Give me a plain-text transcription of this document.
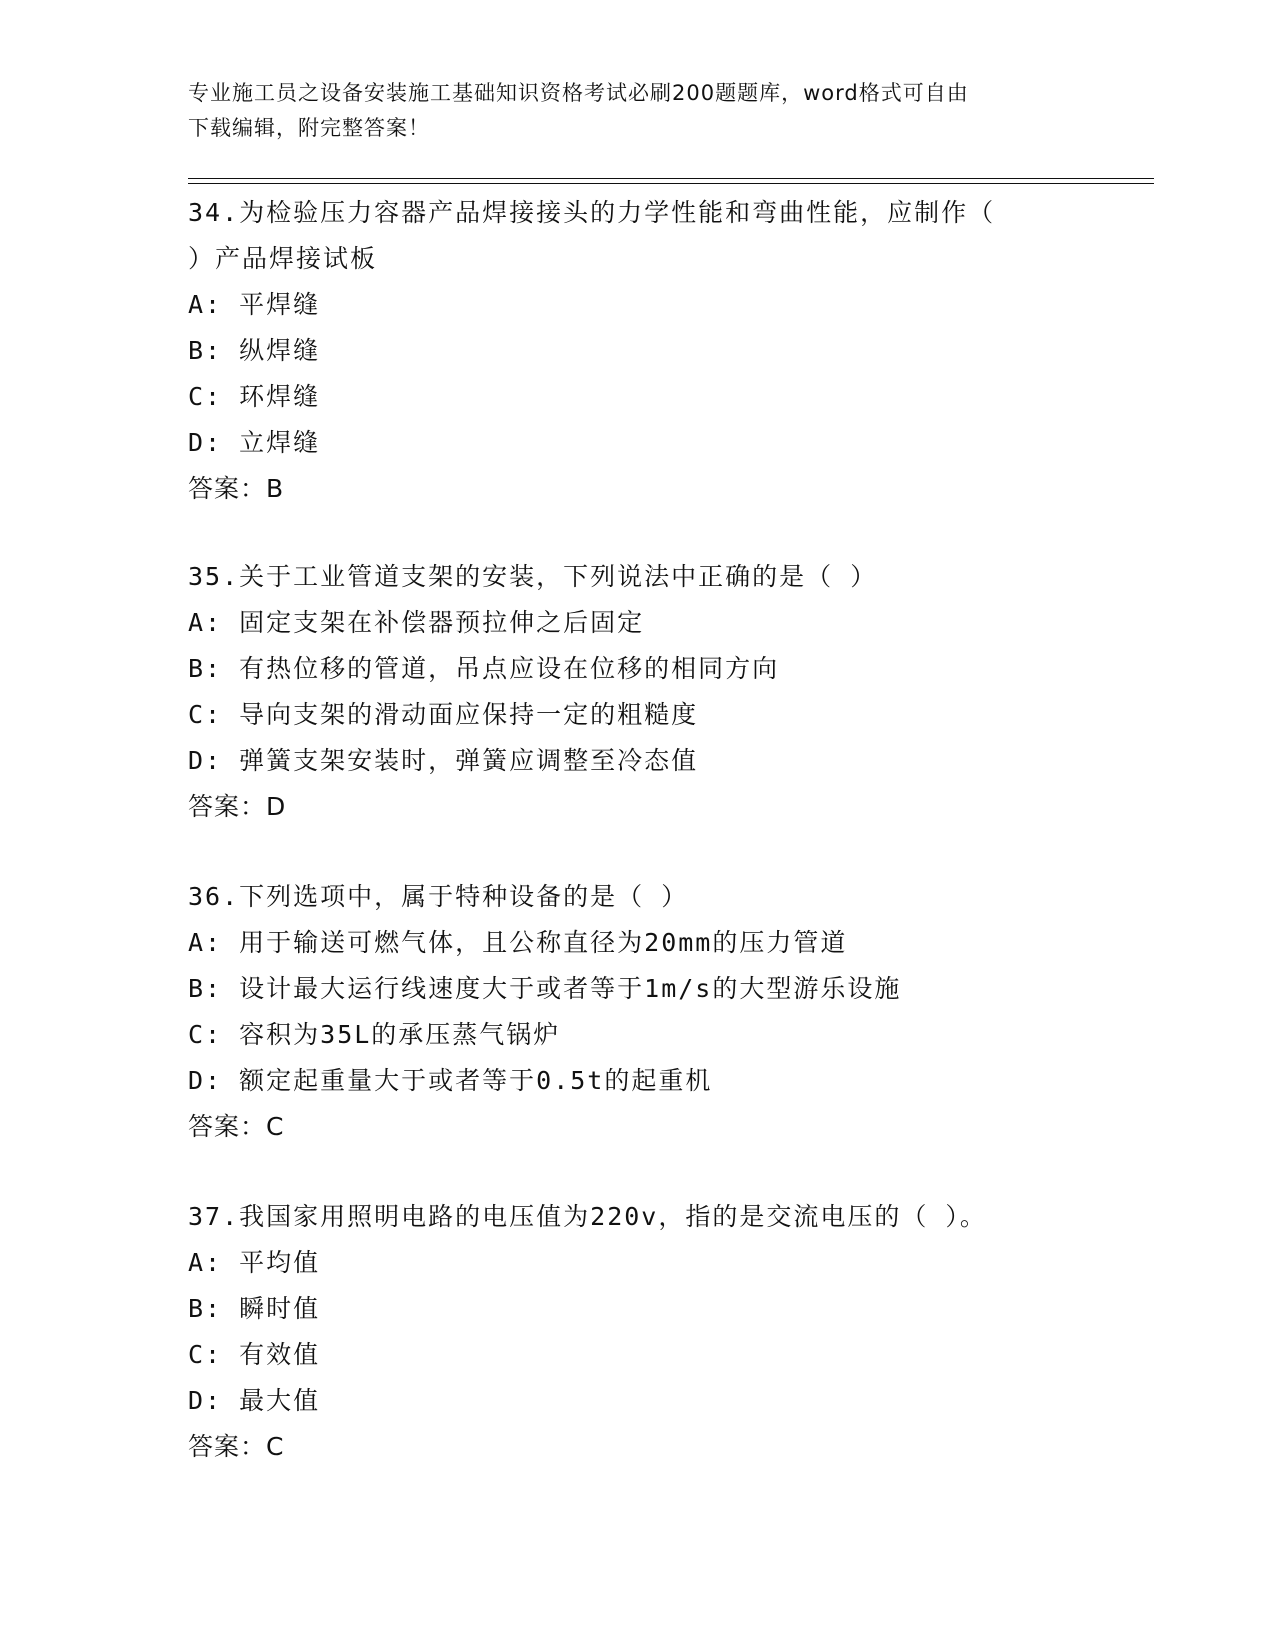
专业施工员之设备安装施工基础知识资格考试必刷200题题库，word格式可自由
下载编辑，附完整答案！
34.为检验压力容器产品焊接接头的力学性能和弯曲性能，应制作（
）产品焊接试板
A: 平焊缝
B: 纵焊缝
C: 环焊缝
D: 立焊缝
答案：B
35.关于工业管道支架的安装，下列说法中正确的是（ ）
A: 固定支架在补偿器预拉伸之后固定
B: 有热位移的管道，吊点应设在位移的相同方向
C: 导向支架的滑动面应保持一定的粗糙度
D: 弹簧支架安装时，弹簧应调整至冷态值
答案：D
36.下列选项中，属于特种设备的是（ ）
A: 用于输送可燃气体，且公称直径为20mm的压力管道
B: 设计最大运行线速度大于或者等于1m/s的大型游乐设施
C: 容积为35L的承压蒸气锅炉
D: 额定起重量大于或者等于0.5t的起重机
答案：C
37.我国家用照明电路的电压值为220v，指的是交流电压的（ ）。
A: 平均值
B: 瞬时值
C: 有效值
D: 最大值
答案：C
